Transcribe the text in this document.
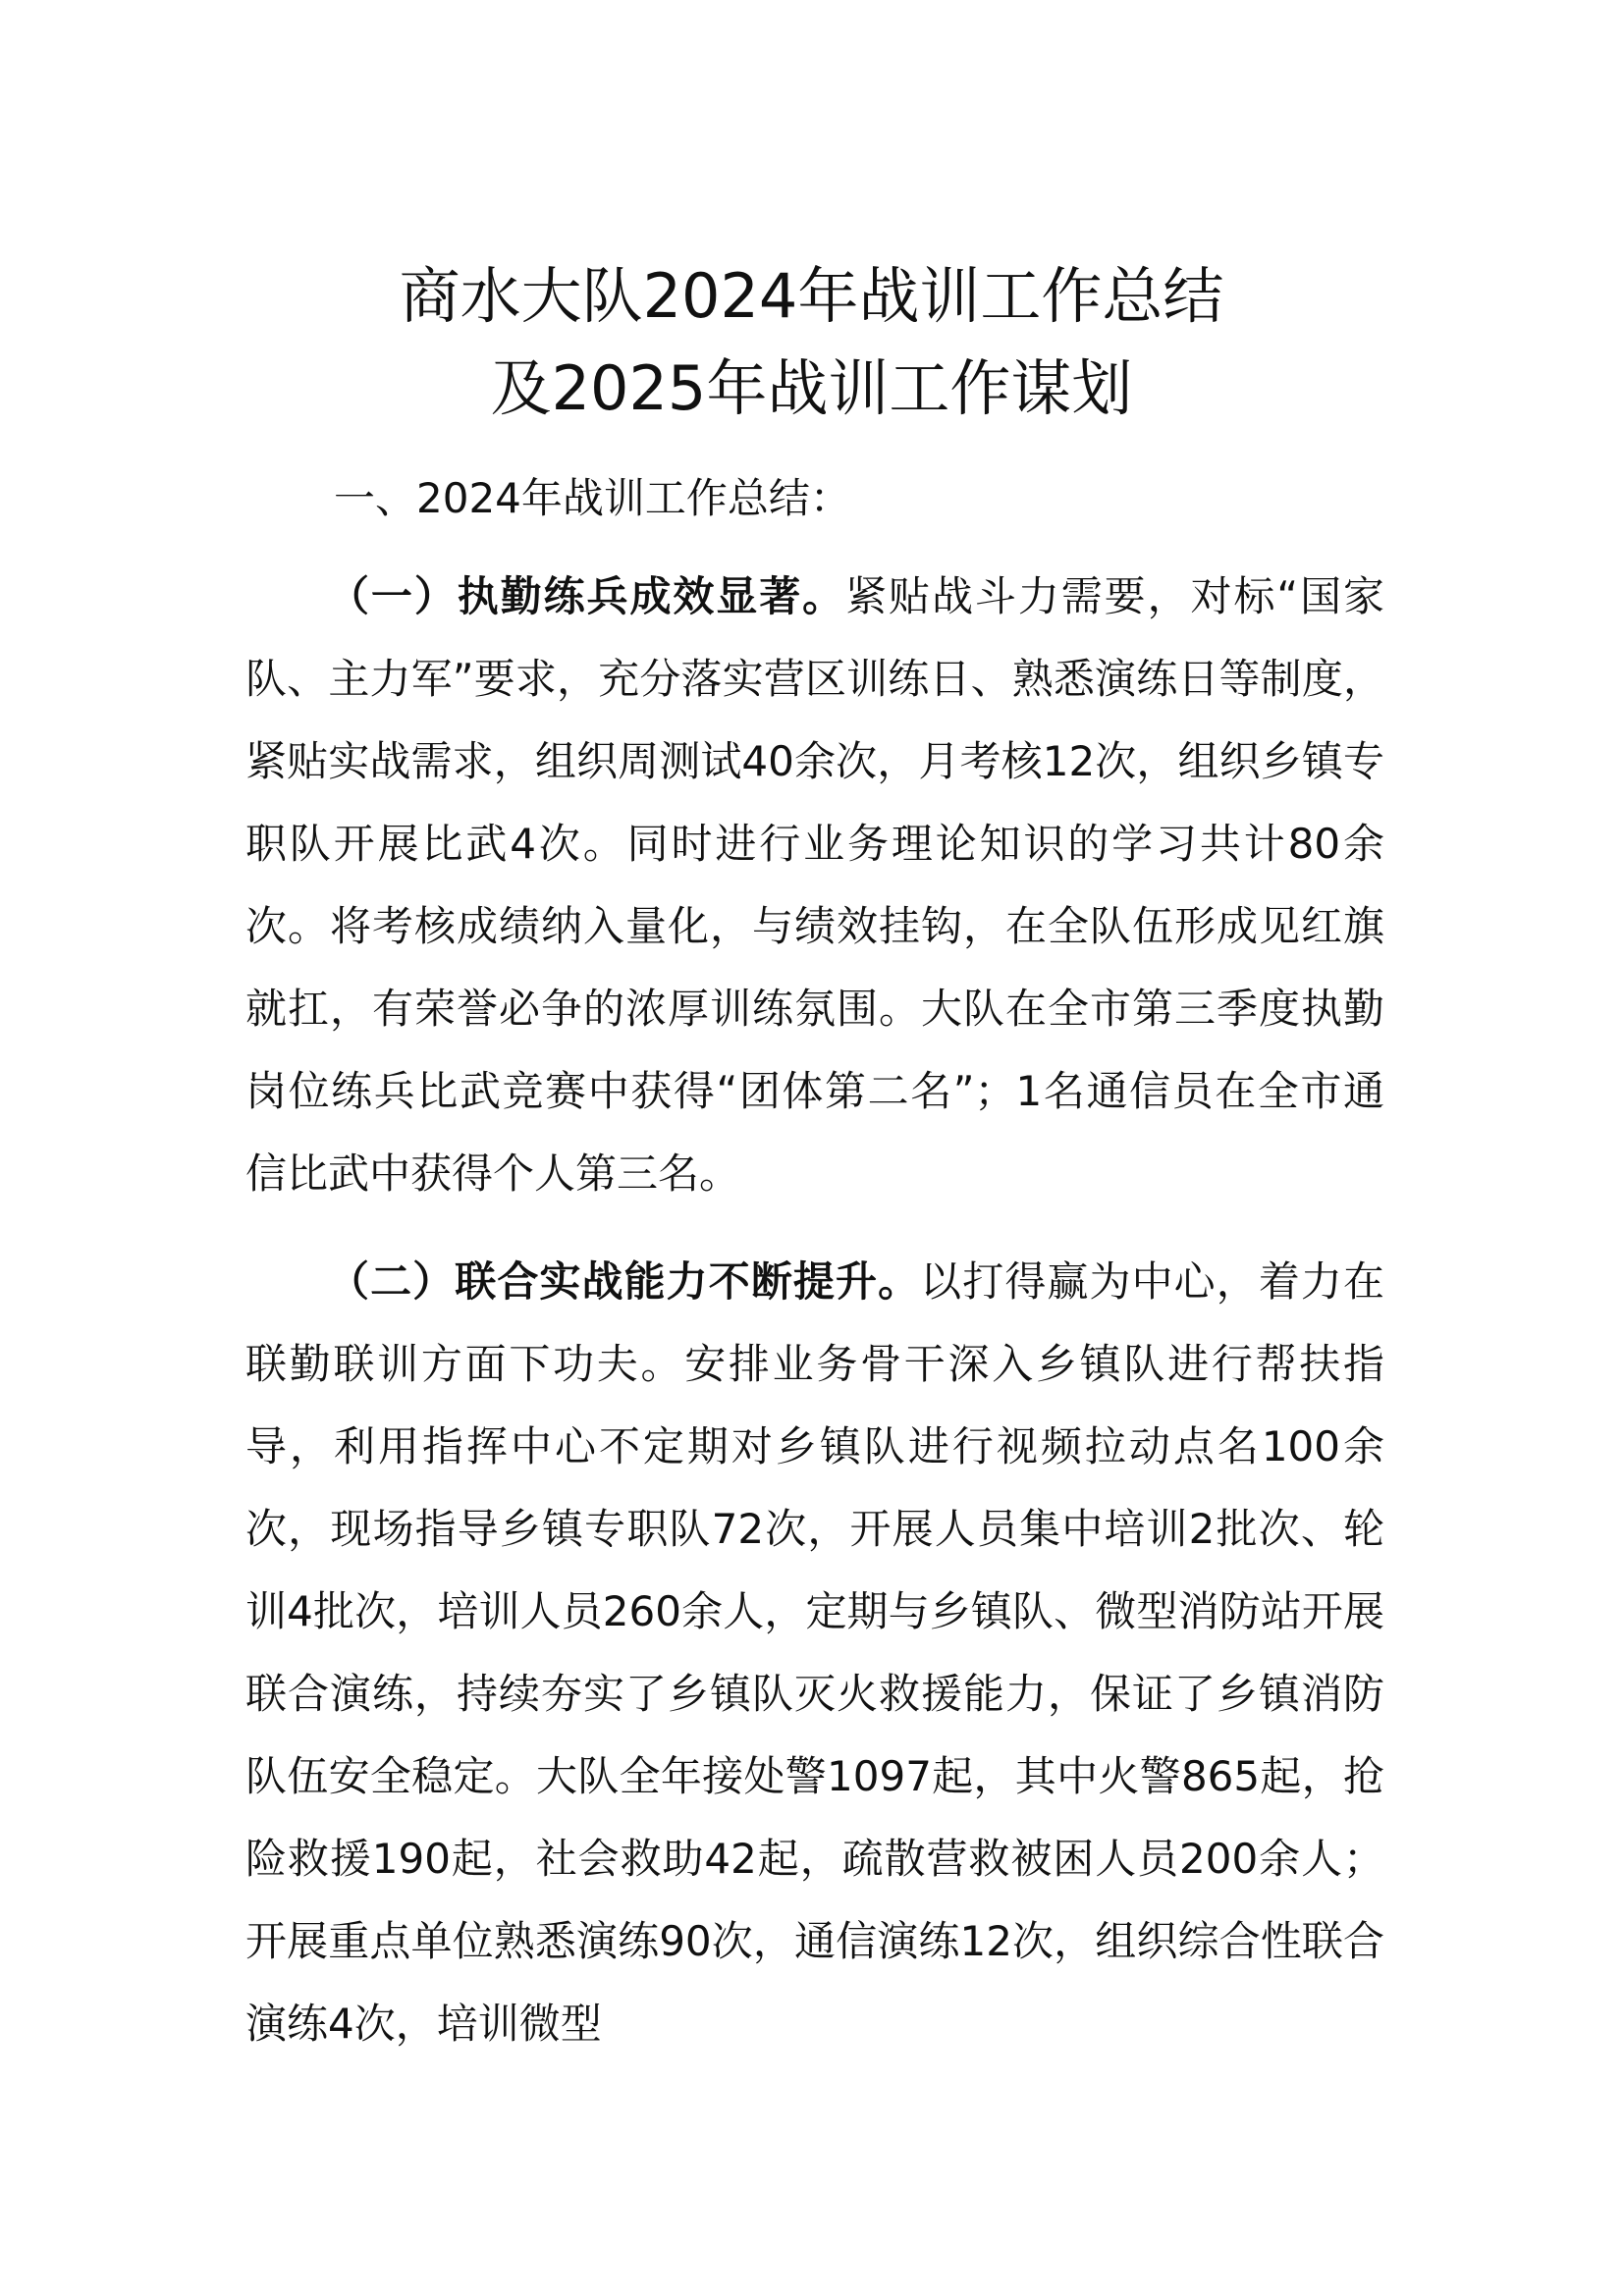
商水大队2024年战训工作总结
及2025年战训工作谋划
一、2024年战训工作总结：

（一）执勤练兵成效显著。紧贴战斗力需要，对标“国家队、主力军”要求，充分落实营区训练日、熟悉演练日等制度，紧贴实战需求，组织周测试40余次，月考核12次，组织乡镇专职队开展比武4次。同时进行业务理论知识的学习共计80余次。将考核成绩纳入量化，与绩效挂钩，在全队伍形成见红旗就扛，有荣誉必争的浓厚训练氛围。大队在全市第三季度执勤岗位练兵比武竞赛中获得“团体第二名”；1名通信员在全市通信比武中获得个人第三名。

（二）联合实战能力不断提升。以打得赢为中心，着力在联勤联训方面下功夫。安排业务骨干深入乡镇队进行帮扶指导，利用指挥中心不定期对乡镇队进行视频拉动点名100余次，现场指导乡镇专职队72次，开展人员集中培训2批次、轮训4批次，培训人员260余人，定期与乡镇队、微型消防站开展联合演练，持续夯实了乡镇队灭火救援能力，保证了乡镇消防队伍安全稳定。大队全年接处警1097起，其中火警865起，抢险救援190起，社会救助42起，疏散营救被困人员200余人；开展重点单位熟悉演练90次，通信演练12次，组织综合性联合演练4次，培训微型
